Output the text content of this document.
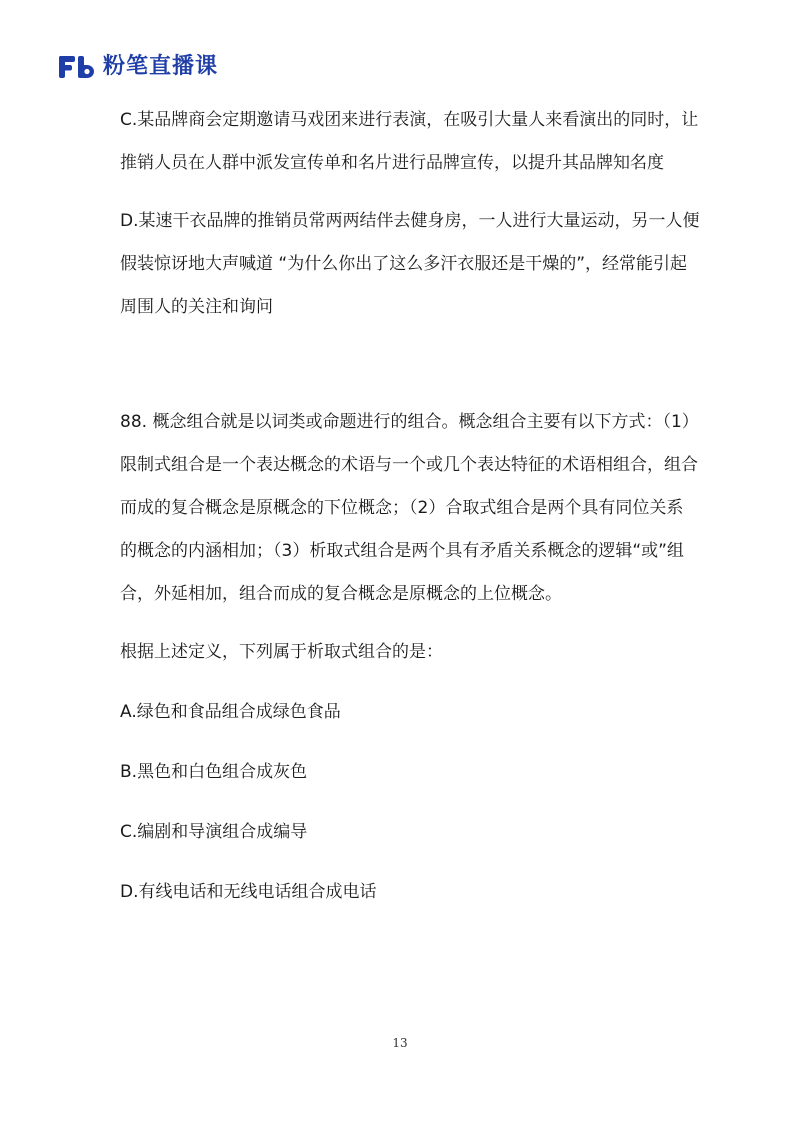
粉笔直播课

C.某品牌商会定期邀请马戏团来进行表演，在吸引大量人来看演出的同时，让推销人员在人群中派发宣传单和名片进行品牌宣传，以提升其品牌知名度

D.某速干衣品牌的推销员常两两结伴去健身房，一人进行大量运动，另一人便假装惊讶地大声喊道 “为什么你出了这么多汗衣服还是干燥的”，经常能引起周围人的关注和询问

88. 概念组合就是以词类或命题进行的组合。概念组合主要有以下方式：（1）限制式组合是一个表达概念的术语与一个或几个表达特征的术语相组合，组合而成的复合概念是原概念的下位概念；（2）合取式组合是两个具有同位关系的概念的内涵相加；（3）析取式组合是两个具有矛盾关系概念的逻辑“或”组合，外延相加，组合而成的复合概念是原概念的上位概念。

根据上述定义，下列属于析取式组合的是：

A.绿色和食品组合成绿色食品

B.黑色和白色组合成灰色

C.编剧和导演组合成编导

D.有线电话和无线电话组合成电话

13
